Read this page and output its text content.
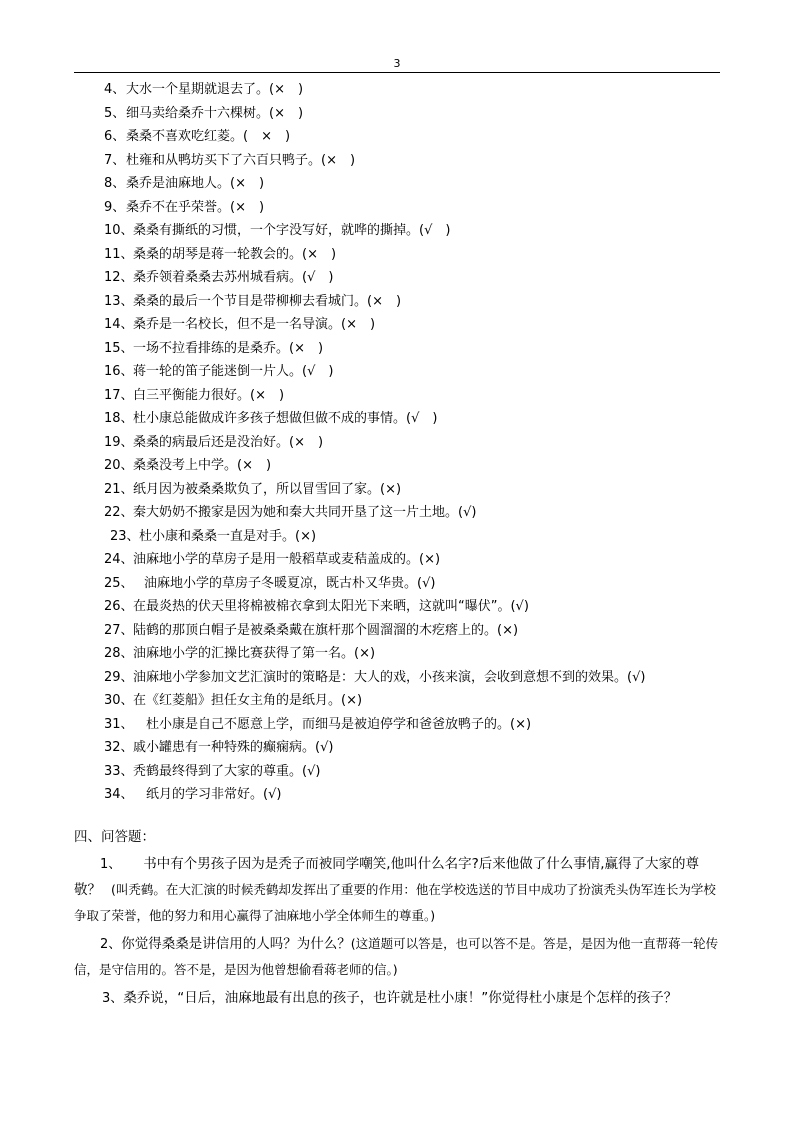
3
4、 大水一个星期就退去了。(×　)
5、 细马卖给桑乔十六棵树。(×　)
6、 桑桑不喜欢吃红菱。(　×　)
7、 杜雍和从鸭坊买下了六百只鸭子。(×　)
8、 桑乔是油麻地人。(×　)
9、 桑乔不在乎荣誉。(×　)
10、 桑桑有撕纸的习惯，一个字没写好，就哗的撕掉。(√　)
11、 桑桑的胡琴是蒋一轮教会的。(×　)
12、 桑乔领着桑桑去苏州城看病。(√　)
13、 桑桑的最后一个节目是带柳柳去看城门。(×　)
14、 桑乔是一名校长，但不是一名导演。(×　)
15、 一场不拉看排练的是桑乔。(×　)
16、 蒋一轮的笛子能迷倒一片人。(√　)
17、 白三平衡能力很好。(×　)
18、 杜小康总能做成许多孩子想做但做不成的事情。(√　)
19、 桑桑的病最后还是没治好。(×　)
20、 桑桑没考上中学。(×　)
21、 纸月因为被桑桑欺负了，所以冒雪回了家。(×)
22、 秦大奶奶不搬家是因为她和秦大共同开垦了这一片土地。(√)
23、 杜小康和桑桑一直是对手。(×)
24、 油麻地小学的草房子是用一般稻草或麦秸盖成的。(×)
25、 油麻地小学的草房子冬暖夏凉，既古朴又华贵。(√)
26、 在最炎热的伏天里将棉被棉衣拿到太阳光下来晒，这就叫“曝伏”。(√)
27、 陆鹤的那顶白帽子是被桑桑戴在旗杆那个圆溜溜的木疙瘩上的。(×)
28、 油麻地小学的汇操比赛获得了第一名。(×)
29、 油麻地小学参加文艺汇演时的策略是：大人的戏，小孩来演，会收到意想不到的效果。(√)
30、 在《红菱船》担任女主角的是纸月。(×)
31、 杜小康是自己不愿意上学，而细马是被迫停学和爸爸放鸭子的。(×)
32、 戚小罐患有一种特殊的癫痫病。(√)
33、 秃鹤最终得到了大家的尊重。(√)
34、 纸月的学习非常好。(√)
四、问答题：
1、 书中有个男孩子因为是秃子而被同学嘲笑,他叫什么名字?后来他做了什么事情,赢得了大家的尊敬？ (叫秃鹤。在大汇演的时候秃鹤却发挥出了重要的作用：他在学校选送的节目中成功了扮演秃头伪军连长为学校争取了荣誉，他的努力和用心赢得了油麻地小学全体师生的尊重。)
2、你觉得桑桑是讲信用的人吗？为什么？(这道题可以答是，也可以答不是。答是，是因为他一直帮蒋一轮传信，是守信用的。答不是，是因为他曾想偷看蒋老师的信。)
3、桑乔说，“日后，油麻地最有出息的孩子，也许就是杜小康！”你觉得杜小康是个怎样的孩子？
